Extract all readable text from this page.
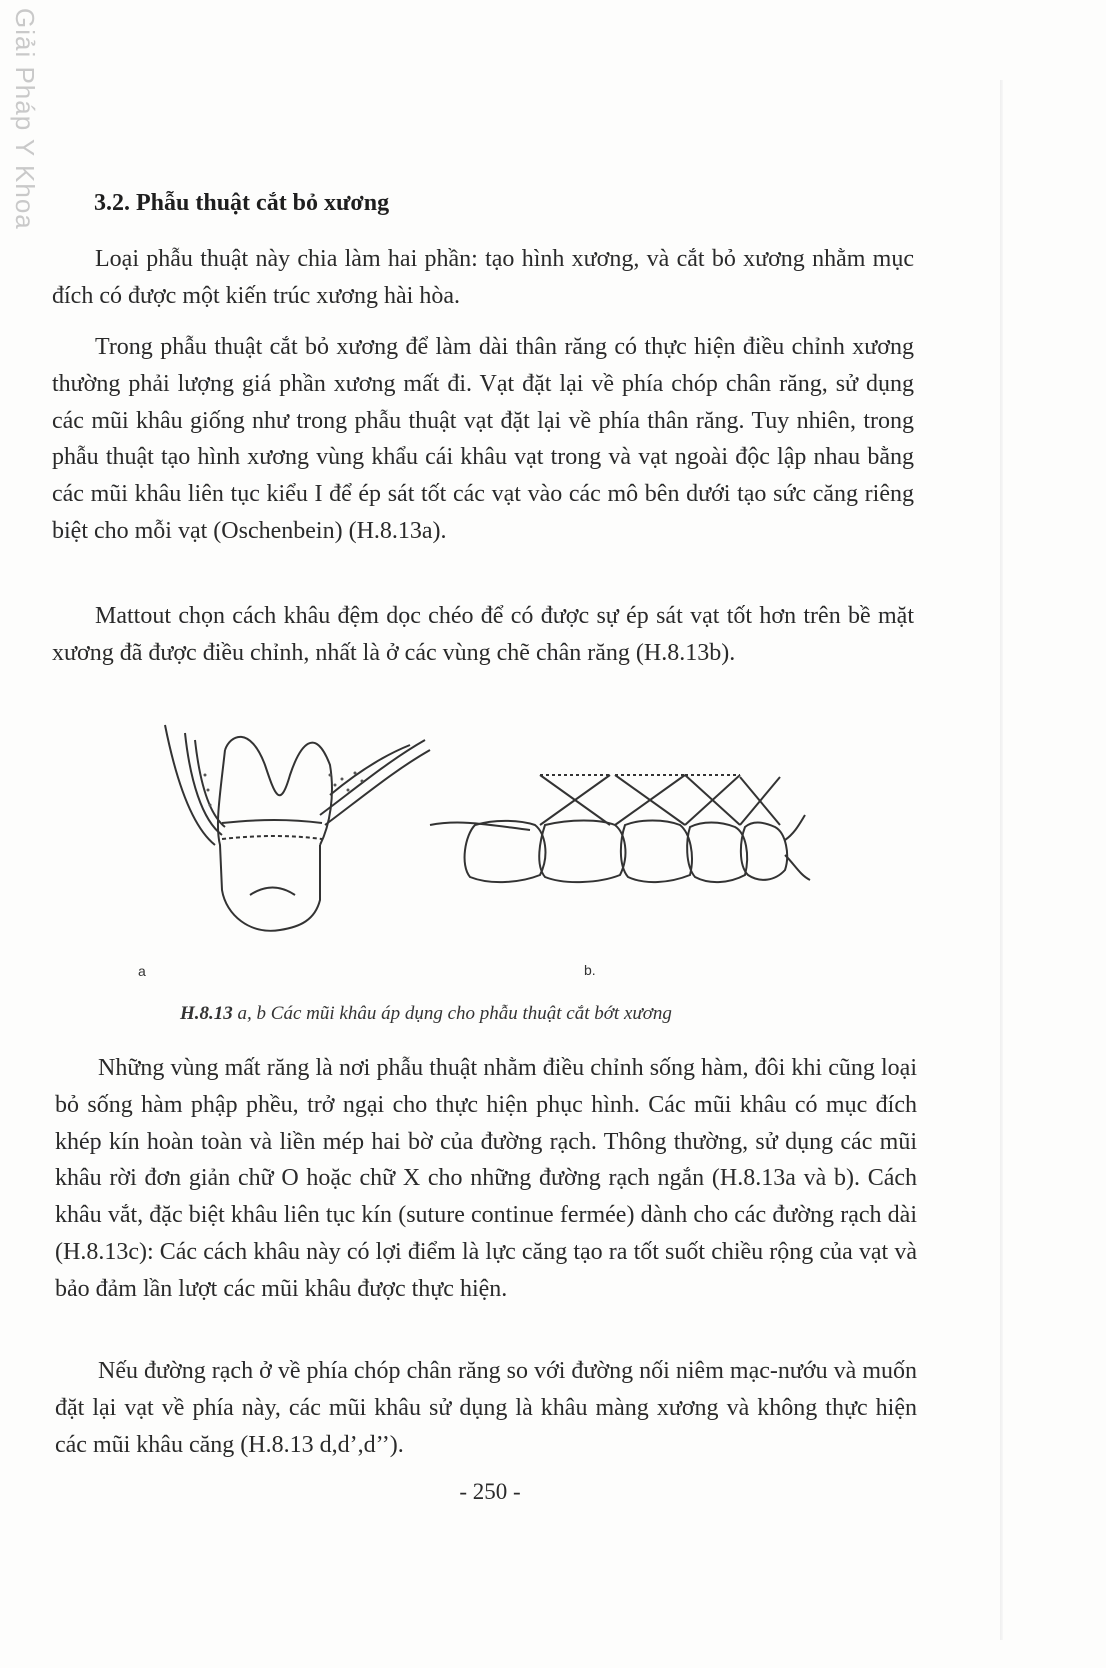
Giải Pháp Y Khoa 3.2. Phẫu thuật cắt bỏ xương

Loại phẫu thuật này chia làm hai phần: tạo hình xương, và cắt bỏ xương nhằm mục đích có được một kiến trúc xương hài hòa.

Trong phẫu thuật cắt bỏ xương để làm dài thân răng có thực hiện điều chỉnh xương thường phải lượng giá phần xương mất đi. Vạt đặt lại về phía chóp chân răng, sử dụng các mũi khâu giống như trong phẫu thuật vạt đặt lại về phía thân răng. Tuy nhiên, trong phẫu thuật tạo hình xương vùng khẩu cái khâu vạt trong và vạt ngoài độc lập nhau bằng các mũi khâu liên tục kiểu I để ép sát tốt các vạt vào các mô bên dưới tạo sức căng riêng biệt cho mỗi vạt (Oschenbein) (H.8.13a).

Mattout chọn cách khâu đệm dọc chéo để có được sự ép sát vạt tốt hơn trên bề mặt xương đã được điều chỉnh, nhất là ở các vùng chẽ chân răng (H.8.13b).

a	b.
H.8.13 a, b Các mũi khâu áp dụng cho phẫu thuật cắt bớt xương

Những vùng mất răng là nơi phẫu thuật nhằm điều chỉnh sống hàm, đôi khi cũng loại bỏ sống hàm phập phều, trở ngại cho thực hiện phục hình. Các mũi khâu có mục đích khép kín hoàn toàn và liền mép hai bờ của đường rạch. Thông thường, sử dụng các mũi khâu rời đơn giản chữ O hoặc chữ X cho những đường rạch ngắn (H.8.13a và b). Cách khâu vắt, đặc biệt khâu liên tục kín (suture continue fermée) dành cho các đường rạch dài (H.8.13c): Các cách khâu này có lợi điểm là lực căng tạo ra tốt suốt chiều rộng của vạt và bảo đảm lần lượt các mũi khâu được thực hiện.

Nếu đường rạch ở về phía chóp chân răng so với đường nối niêm mạc-nướu và muốn đặt lại vạt về phía này, các mũi khâu sử dụng là khâu màng xương và không thực hiện các mũi khâu căng (H.8.13 d,d’,d’’).

- 250 -
